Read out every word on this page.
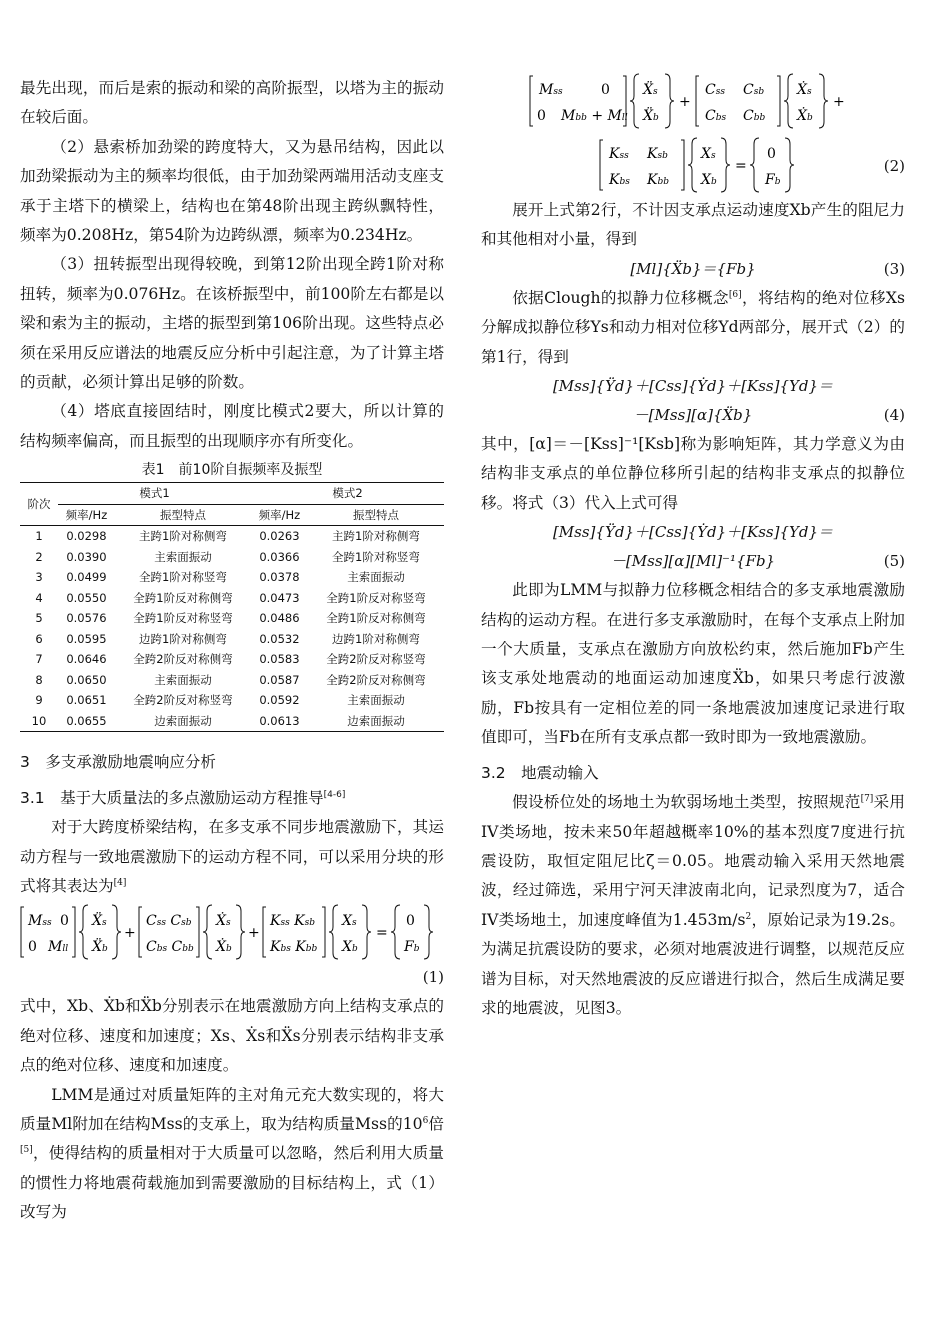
最先出现，而后是索的振动和梁的高阶振型，以塔为主的振动在较后面。

（2）悬索桥加劲梁的跨度特大，又为悬吊结构，因此以加劲梁振动为主的频率均很低，由于加劲梁两端用活动支座支承于主塔下的横梁上，结构也在第48阶出现主跨纵飘特性，频率为0.208Hz，第54阶为边跨纵漂，频率为0.234Hz。

（3）扭转振型出现得较晚，到第12阶出现全跨1阶对称扭转，频率为0.076Hz。在该桥振型中，前100阶左右都是以梁和索为主的振动，主塔的振型到第106阶出现。这些特点必须在采用反应谱法的地震反应分析中引起注意，为了计算主塔的贡献，必须计算出足够的阶数。

（4）塔底直接固结时，刚度比模式2要大，所以计算的结构频率偏高，而且振型的出现顺序亦有所变化。

表1　前10阶自振频率及振型
阶次	模式1		模式2	
	频率/Hz	振型特点	频率/Hz	振型特点
1	0.0298	主跨1阶对称侧弯	0.0263	主跨1阶对称侧弯
2	0.0390	主索面振动	0.0366	全跨1阶对称竖弯
3	0.0499	全跨1阶对称竖弯	0.0378	主索面振动
4	0.0550	全跨1阶反对称侧弯	0.0473	全跨1阶反对称竖弯
5	0.0576	全跨1阶反对称竖弯	0.0486	全跨1阶反对称侧弯
6	0.0595	边跨1阶对称侧弯	0.0532	边跨1阶对称侧弯
7	0.0646	全跨2阶反对称侧弯	0.0583	全跨2阶反对称竖弯
8	0.0650	主索面振动	0.0587	全跨2阶反对称侧弯
9	0.0651	全跨2阶反对称竖弯	0.0592	主索面振动
10	0.0655	边索面振动	0.0613	边索面振动

3　多支承激励地震响应分析

3.1　基于大质量法的多点激励运动方程推导[4-6]

对于大跨度桥梁结构，在多支承不同步地震激励下，其运动方程与一致地震激励下的运动方程不同，可以采用分块的形式将其表达为[4]

Mss 0
0 Mll
Ẍs
Ẍb
+
Css Csb
Cbs Cbb
Ẋs
Ẋb
+
Kss Ksb
Kbs Kbb
Xs
Xb
=
0
Fb
(1)

式中，Xb、Ẋb和Ẍb分别表示在地震激励方向上结构支承点的绝对位移、速度和加速度；Xs、Ẋs和Ẍs分别表示结构非支承点的绝对位移、速度和加速度。

LMM是通过对质量矩阵的主对角元充大数实现的，将大质量Ml附加在结构Mss的支承上，取为结构质量Mss的$10^6$倍[5]，使得结构的质量相对于大质量可以忽略，然后利用大质量的惯性力将地震荷载施加到需要激励的目标结构上，式（1）改写为

Mss	0
0 Mbb + Mll
Ẍs
Ẍb
+
Css Csb
Cbs Cbb
Ẋs
Ẋb
+
Kss Ksb
Kbs Kbb
Xs
Xb
=
0
Fb
(2)

展开上式第2行，不计因支承点运动速度Xb产生的阻尼力和其他相对小量，得到

[Ml]{Ẍb}＝{Fb}	(3)

依据Clough的拟静力位移概念[6]，将结构的绝对位移Xs分解成拟静位移Ys和动力相对位移Yd两部分，展开式（2）的第1行，得到

[Mss]{Ÿd}＋[Css]{Ẏd}＋[Kss]{Yd}＝
－[Mss][α]{Ẍb}	(4)

其中，[α]＝－[Kss]⁻¹[Ksb]称为影响矩阵，其力学意义为由结构非支承点的单位静位移所引起的结构非支承点的拟静位移。将式（3）代入上式可得

[Mss]{Ÿd}＋[Css]{Ẏd}＋[Kss]{Yd}＝
－[Mss][α][Ml]⁻¹{Fb}	(5)

此即为LMM与拟静力位移概念相结合的多支承地震激励结构的运动方程。在进行多支承激励时，在每个支承点上附加一个大质量，支承点在激励方向放松约束，然后施加Fb产生该支承处地震动的地面运动加速度Ẍb，如果只考虑行波激励，Fb按具有一定相位差的同一条地震波加速度记录进行取值即可，当Fb在所有支承点都一致时即为一致地震激励。

3.2　地震动输入

假设桥位处的场地土为软弱场地土类型，按照规范[7]采用IV类场地，按未来50年超越概率10%的基本烈度7度进行抗震设防，取恒定阻尼比ζ＝0.05。地震动输入采用天然地震波，经过筛选，采用宁河天津波南北向，记录烈度为7，适合IV类场地土，加速度峰值为$1.453m/s^2$，原始记录为19.2s。为满足抗震设防的要求，必须对地震波进行调整，以规范反应谱为目标，对天然地震波的反应谱进行拟合，然后生成满足要求的地震波，见图3。
